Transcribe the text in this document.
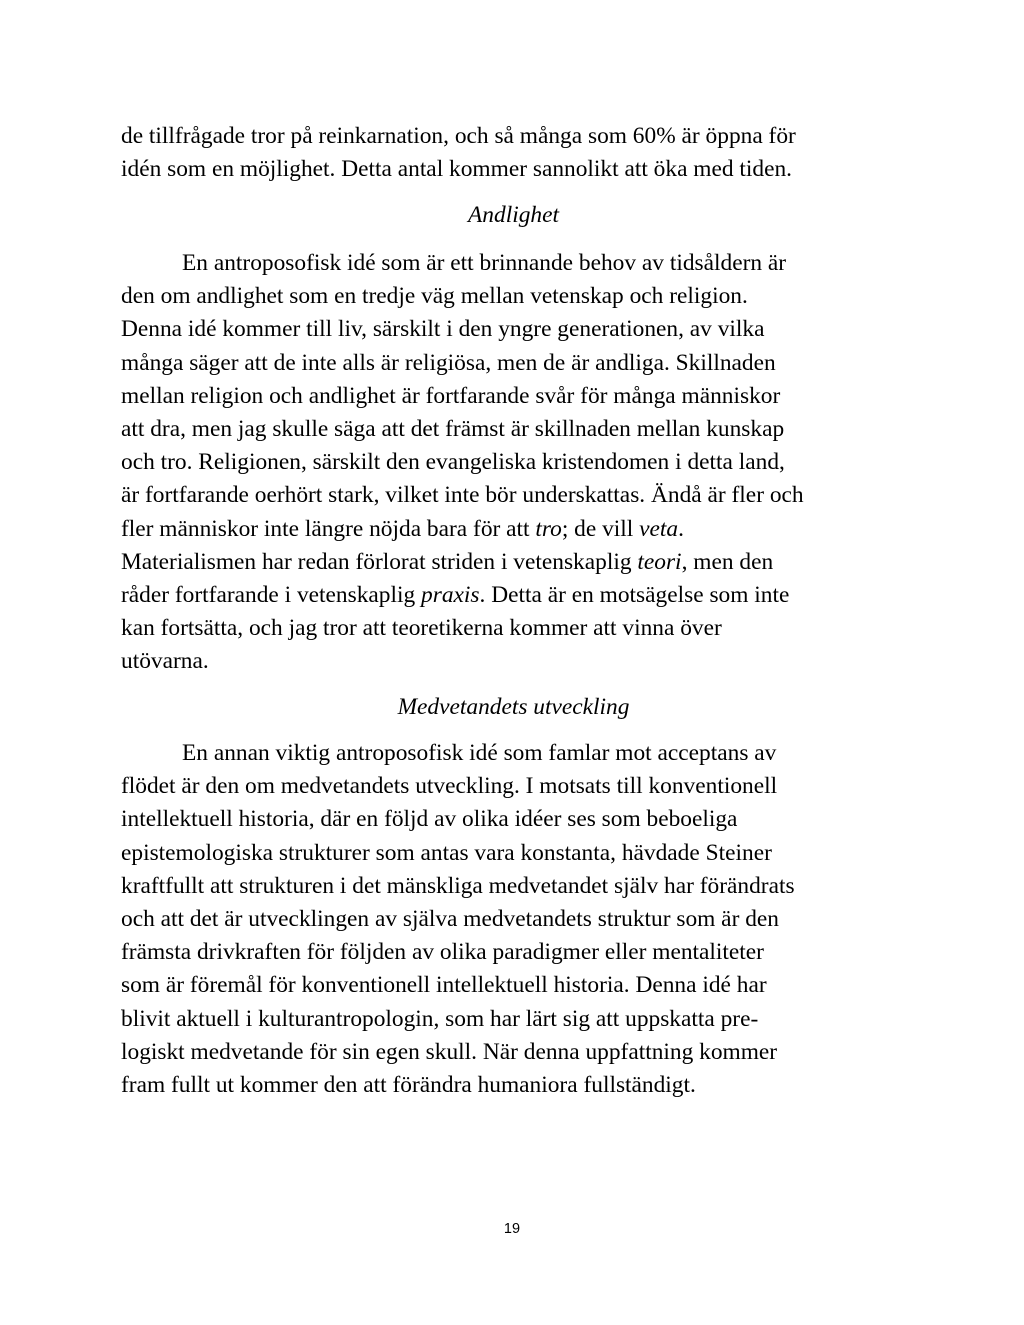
de tillfrågade tror på reinkarnation, och så många som 60% är öppna för
idén som en möjlighet. Detta antal kommer sannolikt att öka med tiden.
Andlighet
En antroposofisk idé som är ett brinnande behov av tidsåldern är
den om andlighet som en tredje väg mellan vetenskap och religion.
Denna idé kommer till liv, särskilt i den yngre generationen, av vilka
många säger att de inte alls är religiösa, men de är andliga. Skillnaden
mellan religion och andlighet är fortfarande svår för många människor
att dra, men jag skulle säga att det främst är skillnaden mellan kunskap
och tro. Religionen, särskilt den evangeliska kristendomen i detta land,
är fortfarande oerhört stark, vilket inte bör underskattas. Ändå är fler och
fler människor inte längre nöjda bara för att tro; de vill veta.
Materialismen har redan förlorat striden i vetenskaplig teori, men den
råder fortfarande i vetenskaplig praxis. Detta är en motsägelse som inte
kan fortsätta, och jag tror att teoretikerna kommer att vinna över
utövarna.
Medvetandets utveckling
En annan viktig antroposofisk idé som famlar mot acceptans av
flödet är den om medvetandets utveckling. I motsats till konventionell
intellektuell historia, där en följd av olika idéer ses som beboeliga
epistemologiska strukturer som antas vara konstanta, hävdade Steiner
kraftfullt att strukturen i det mänskliga medvetandet själv har förändrats
och att det är utvecklingen av själva medvetandets struktur som är den
främsta drivkraften för följden av olika paradigmer eller mentaliteter
som är föremål för konventionell intellektuell historia. Denna idé har
blivit aktuell i kulturantropologin, som har lärt sig att uppskatta pre-
logiskt medvetande för sin egen skull. När denna uppfattning kommer
fram fullt ut kommer den att förändra humaniora fullständigt.
19
